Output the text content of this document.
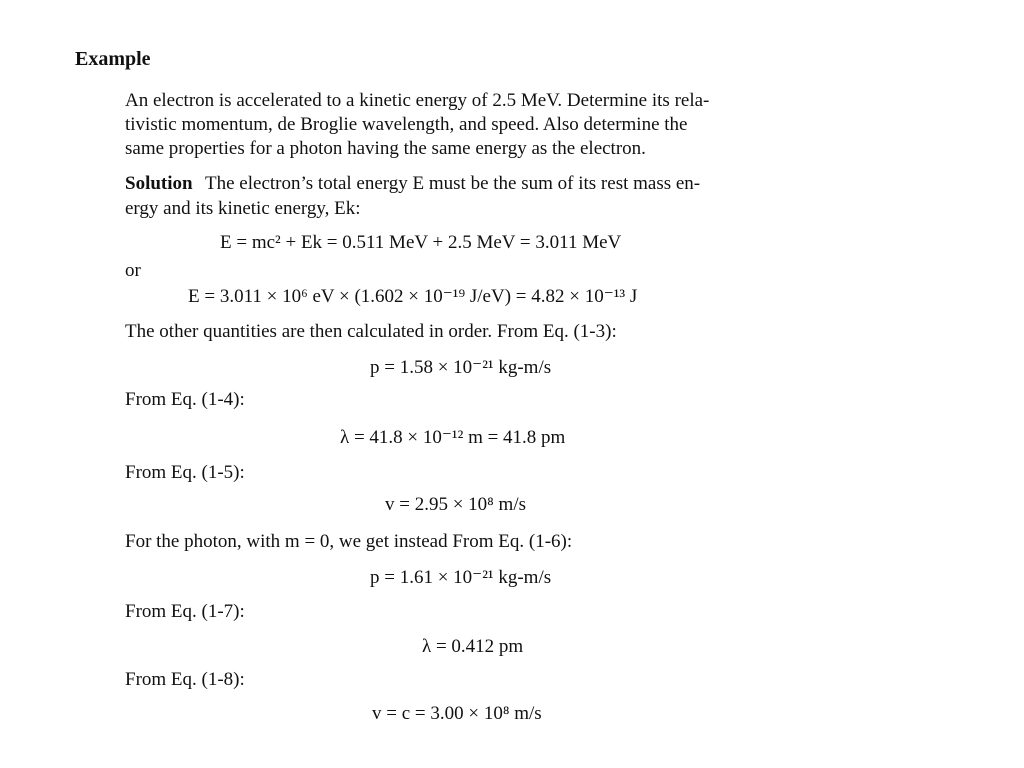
Example
An electron is accelerated to a kinetic energy of 2.5 MeV. Determine its rela-
tivistic momentum, de Broglie wavelength, and speed. Also determine the
same properties for a photon having the same energy as the electron.
Solution The electron’s total energy E must be the sum of its rest mass en-
ergy and its kinetic energy, Ek:
E = mc² + Ek = 0.511 MeV + 2.5 MeV = 3.011 MeV
or
E = 3.011 × 10⁶ eV × (1.602 × 10⁻¹⁹ J/eV) = 4.82 × 10⁻¹³ J
The other quantities are then calculated in order. From Eq. (1-3):
p = 1.58 × 10⁻²¹ kg-m/s
From Eq. (1-4):
λ = 41.8 × 10⁻¹² m = 41.8 pm
From Eq. (1-5):
v = 2.95 × 10⁸ m/s
For the photon, with m = 0, we get instead From Eq. (1-6):
p = 1.61 × 10⁻²¹ kg-m/s
From Eq. (1-7):
λ = 0.412 pm
From Eq. (1-8):
v = c = 3.00 × 10⁸ m/s
